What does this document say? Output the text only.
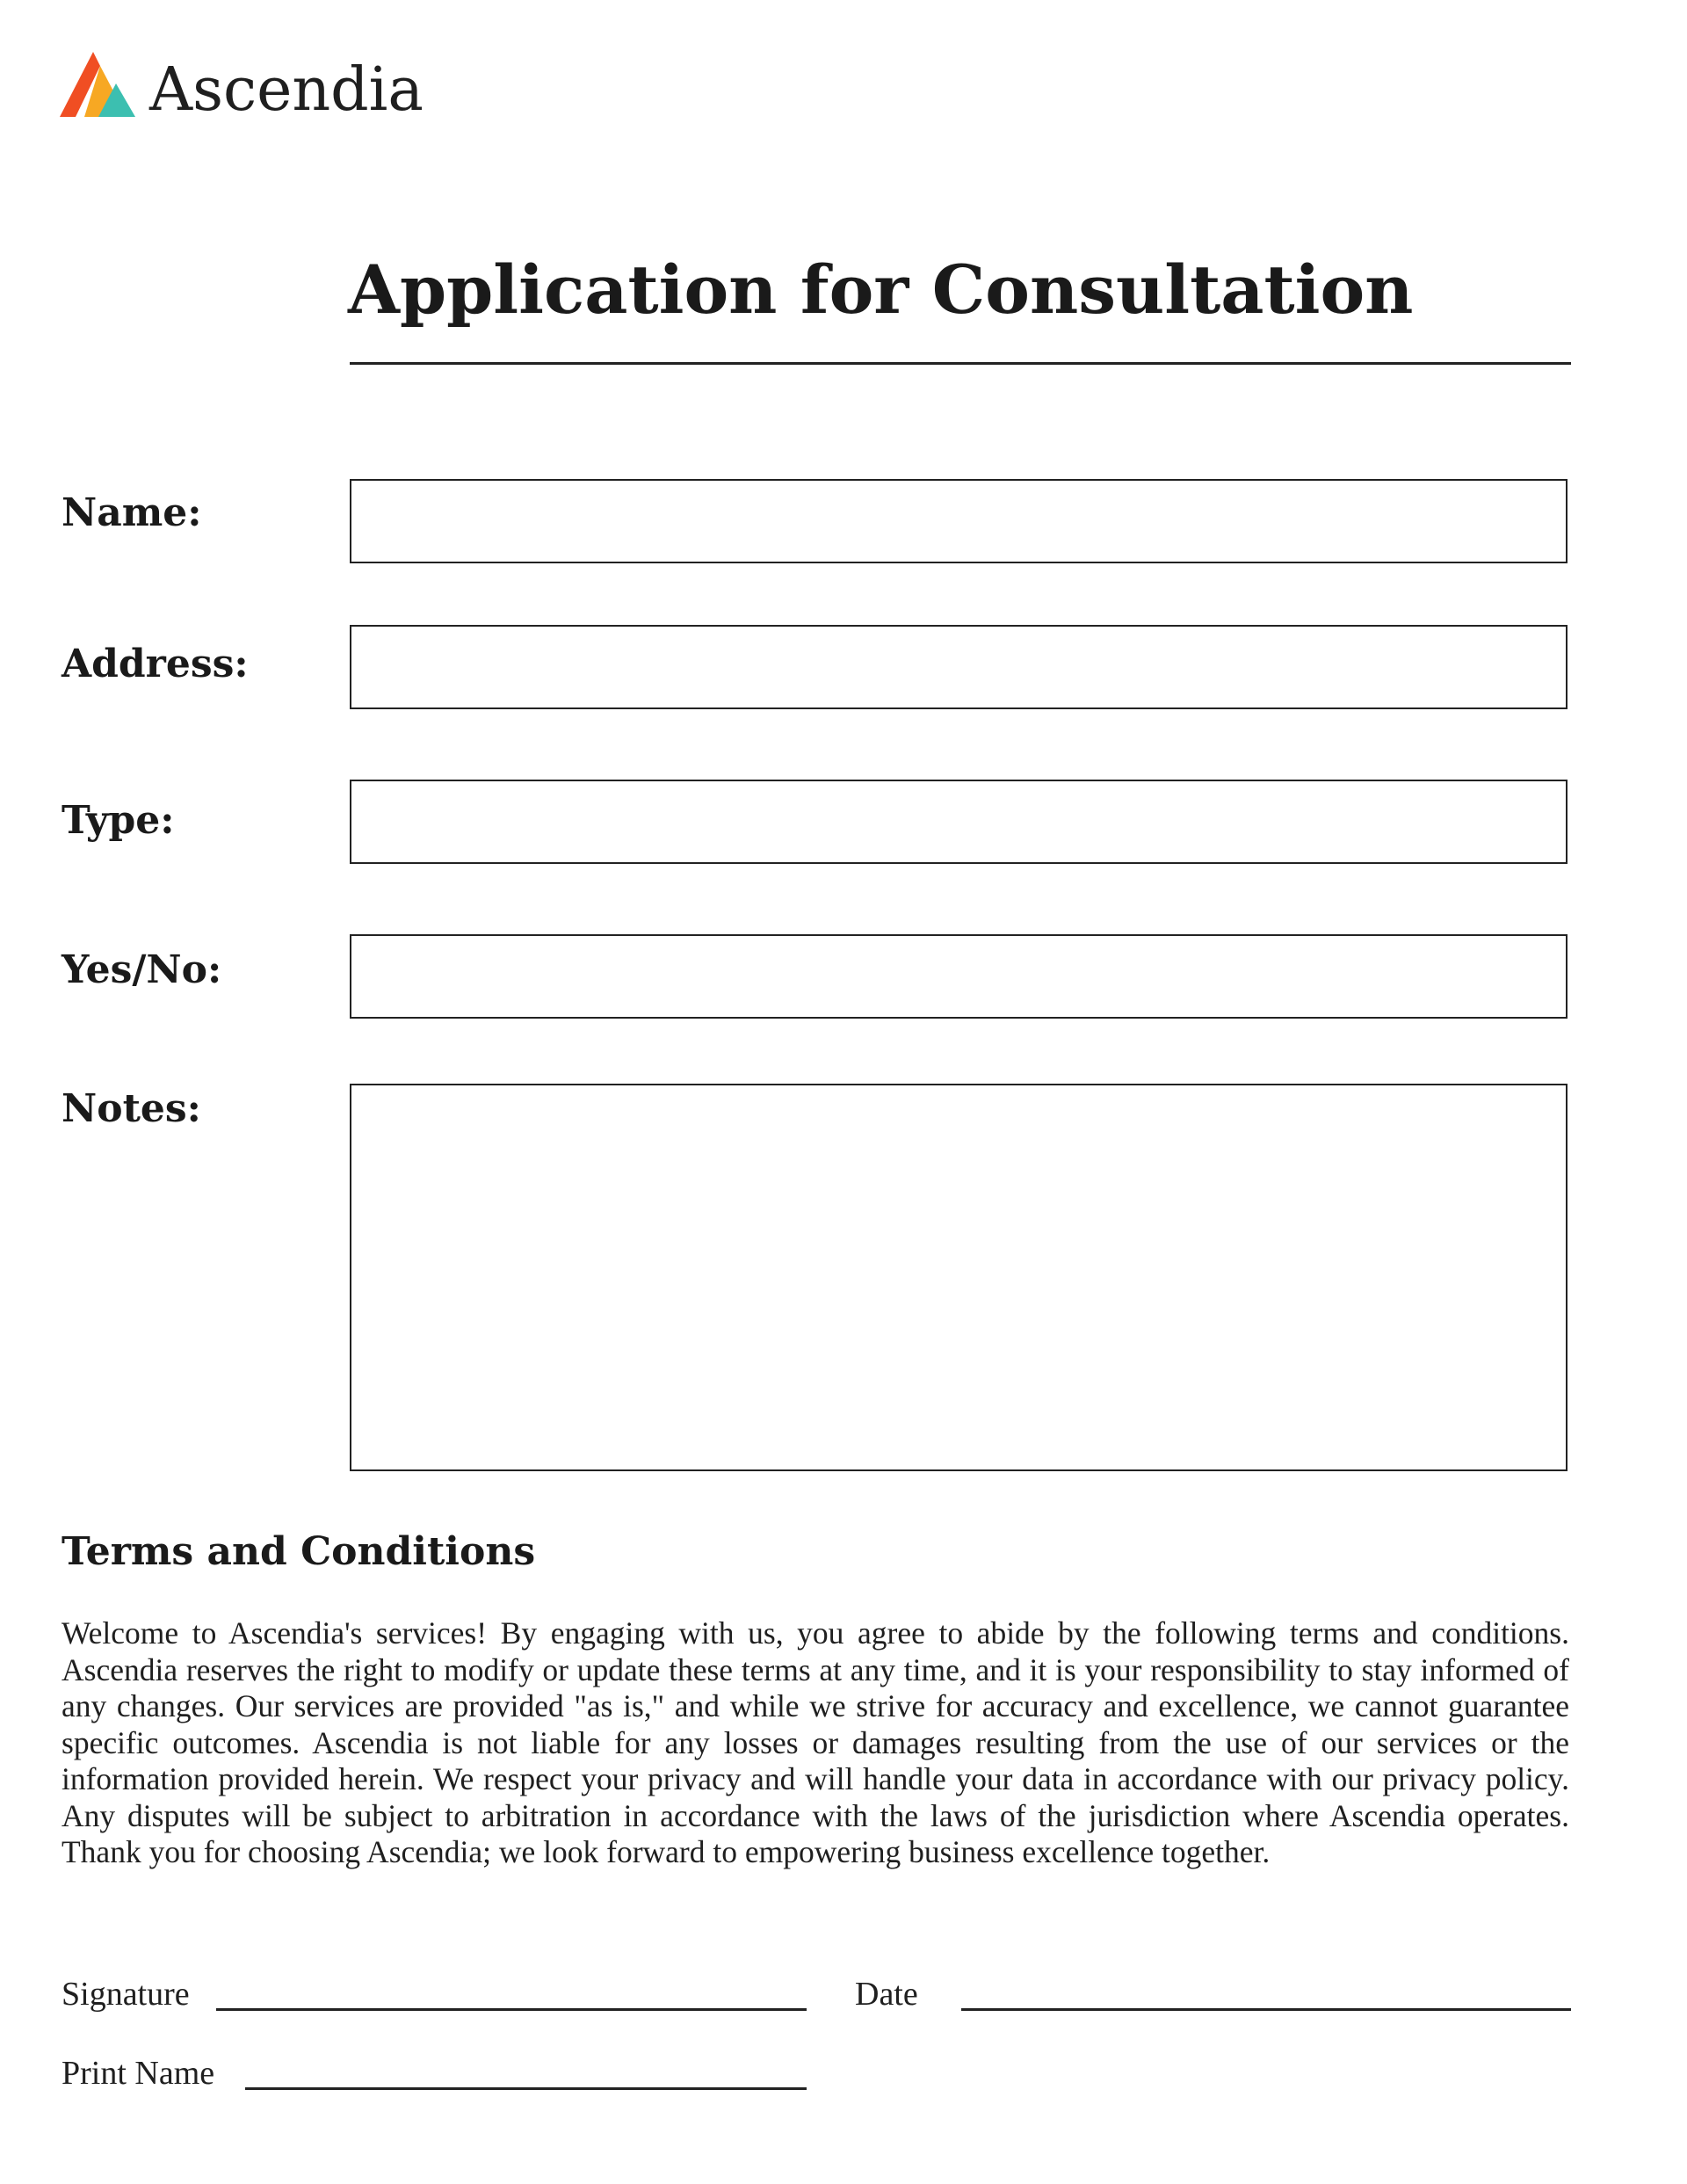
Ascendia
Application for Consultation
Name:
Address:
Type:
Yes/No:
Notes:
Terms and Conditions
Welcome to Ascendia's services! By engaging with us, you agree to abide by the following terms and conditions. Ascendia reserves the right to modify or update these terms at any time, and it is your responsibility to stay informed of any changes. Our services are provided "as is," and while we strive for accuracy and excellence, we cannot guarantee specific outcomes. Ascendia is not liable for any losses or damages resulting from the use of our services or the information provided herein. We respect your privacy and will handle your data in accordance with our privacy policy. Any disputes will be subject to arbitration in accordance with the laws of the jurisdiction where Ascendia operates. Thank you for choosing Ascendia; we look forward to empowering business excellence together.
Signature	Date
Print Name
